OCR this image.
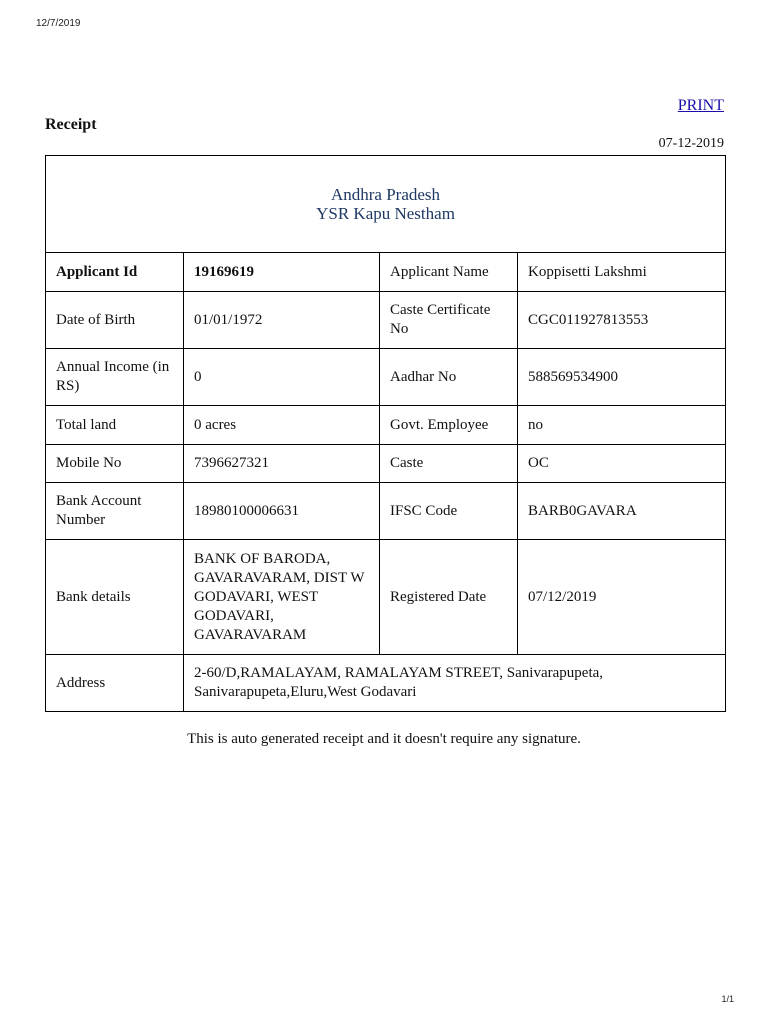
12/7/2019
PRINT
Receipt
07-12-2019
Andhra Pradesh
YSR Kapu Nestham			

Applicant Id	19169619	Applicant Name	Koppisetti Lakshmi
Date of Birth	01/01/1972	Caste Certificate No	CGC011927813553
Annual Income (in RS)	0	Aadhar No	588569534900
Total land	0 acres	Govt. Employee	no
Mobile No	7396627321	Caste	OC
Bank Account Number	18980100006631	IFSC Code	BARB0GAVARA
Bank details	BANK OF BARODA, GAVARAVARAM, DIST W GODAVARI, WEST GODAVARI, GAVARAVARAM	Registered Date	07/12/2019
Address	2-60/D,RAMALAYAM, RAMALAYAM STREET, Sanivarapupeta, Sanivarapupeta,Eluru,West Godavari		
This is auto generated receipt and it doesn't require any signature.
1/1
